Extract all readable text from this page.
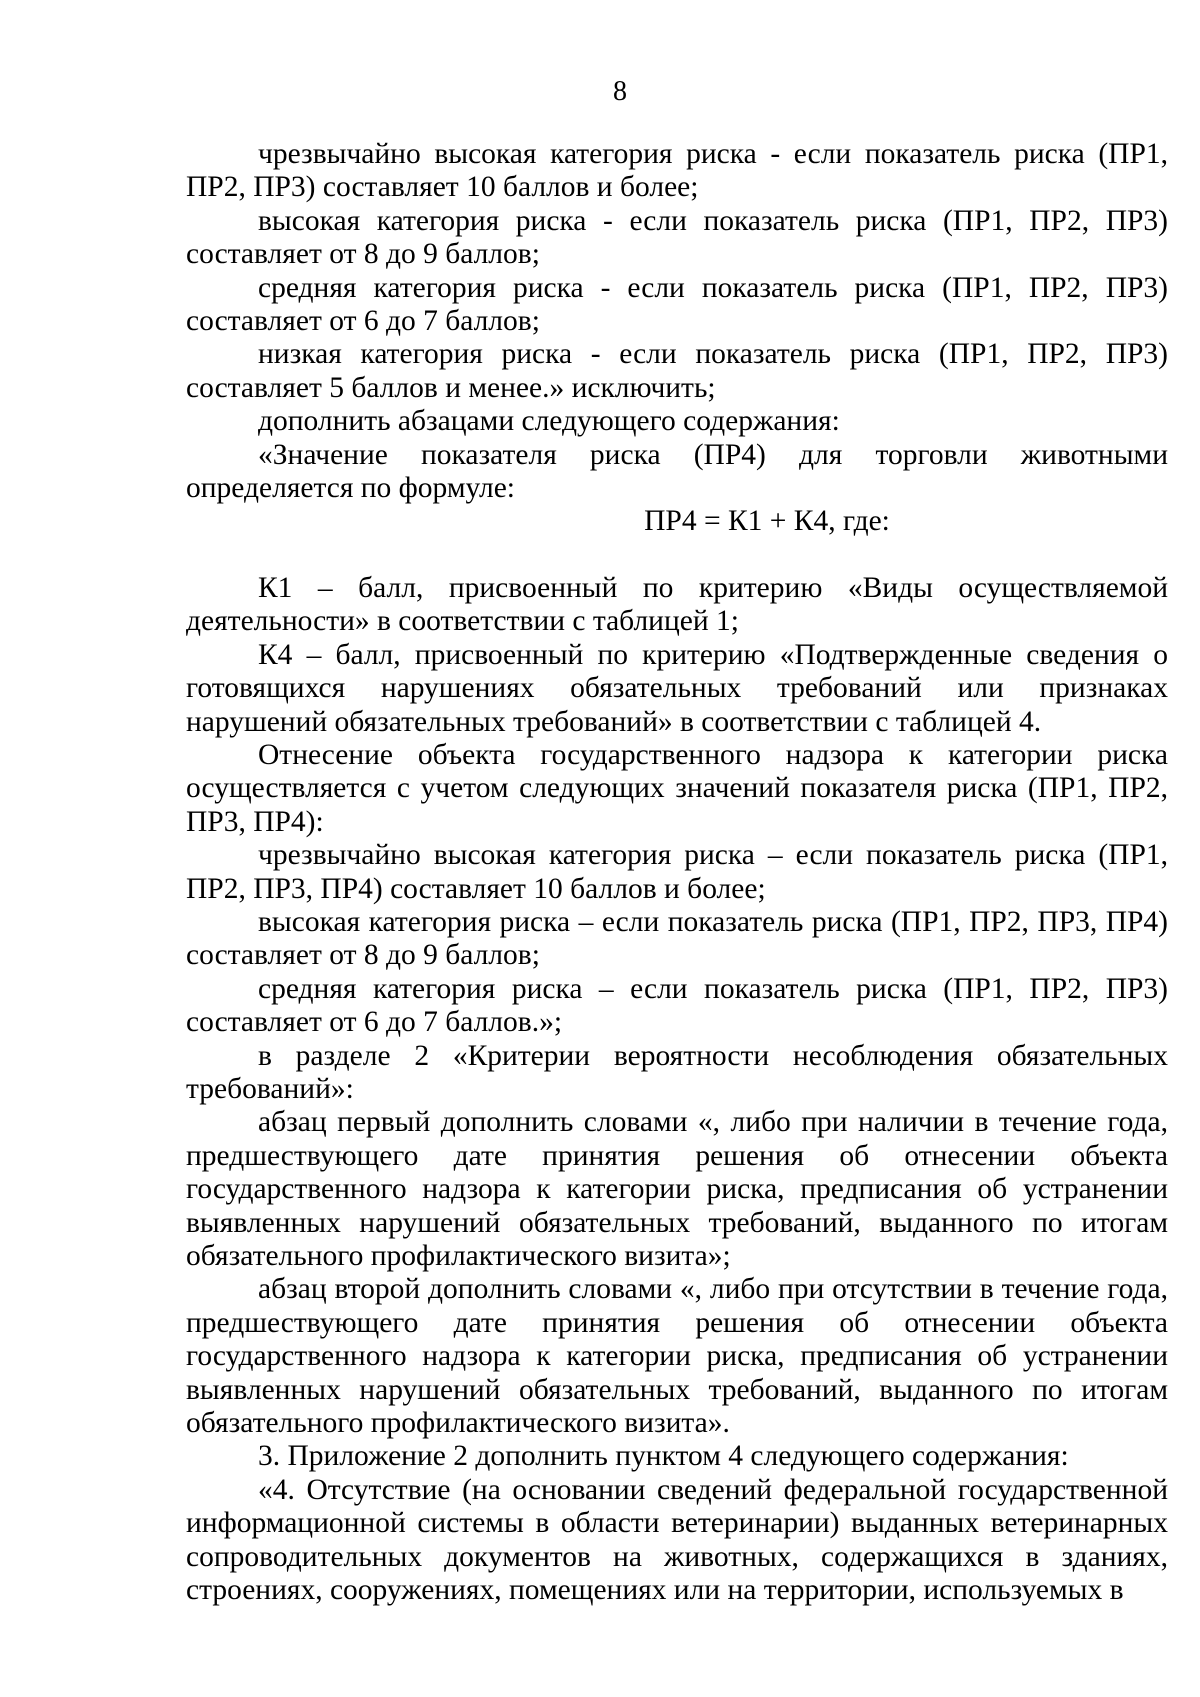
8

чрезвычайно высокая категория риска - если показатель риска (ПР1, ПР2, ПР3) составляет 10 баллов и более;

высокая категория риска - если показатель риска (ПР1, ПР2, ПР3) составляет от 8 до 9 баллов;

средняя категория риска - если показатель риска (ПР1, ПР2, ПР3) составляет от 6 до 7 баллов;

низкая категория риска - если показатель риска (ПР1, ПР2, ПР3) составляет 5 баллов и менее.» исключить;

дополнить абзацами следующего содержания:

«Значение показателя риска (ПР4) для торговли животными определяется по формуле:

ПР4 = К1 + К4, где:

К1 – балл, присвоенный по критерию «Виды осуществляемой деятельности» в соответствии с таблицей 1;

К4 – балл, присвоенный по критерию «Подтвержденные сведения о готовящихся нарушениях обязательных требований или признаках нарушений обязательных требований» в соответствии с таблицей 4.

Отнесение объекта государственного надзора к категории риска осуществляется с учетом следующих значений показателя риска (ПР1, ПР2, ПР3, ПР4):

чрезвычайно высокая категория риска – если показатель риска (ПР1, ПР2, ПР3, ПР4) составляет 10 баллов и более;

высокая категория риска – если показатель риска (ПР1, ПР2, ПР3, ПР4) составляет от 8 до 9 баллов;

средняя категория риска – если показатель риска (ПР1, ПР2, ПР3) составляет от 6 до 7 баллов.»;

в разделе 2 «Критерии вероятности несоблюдения обязательных требований»:

абзац первый дополнить словами «, либо при наличии в течение года, предшествующего дате принятия решения об отнесении объекта государственного надзора к категории риска, предписания об устранении выявленных нарушений обязательных требований, выданного по итогам обязательного профилактического визита»;

абзац второй дополнить словами «, либо при отсутствии в течение года, предшествующего дате принятия решения об отнесении объекта государственного надзора к категории риска, предписания об устранении выявленных нарушений обязательных требований, выданного по итогам обязательного профилактического визита».

3. Приложение 2 дополнить пунктом 4 следующего содержания:

«4. Отсутствие (на основании сведений федеральной государственной информационной системы в области ветеринарии) выданных ветеринарных сопроводительных документов на животных, содержащихся в зданиях, строениях, сооружениях, помещениях или на территории, используемых в
